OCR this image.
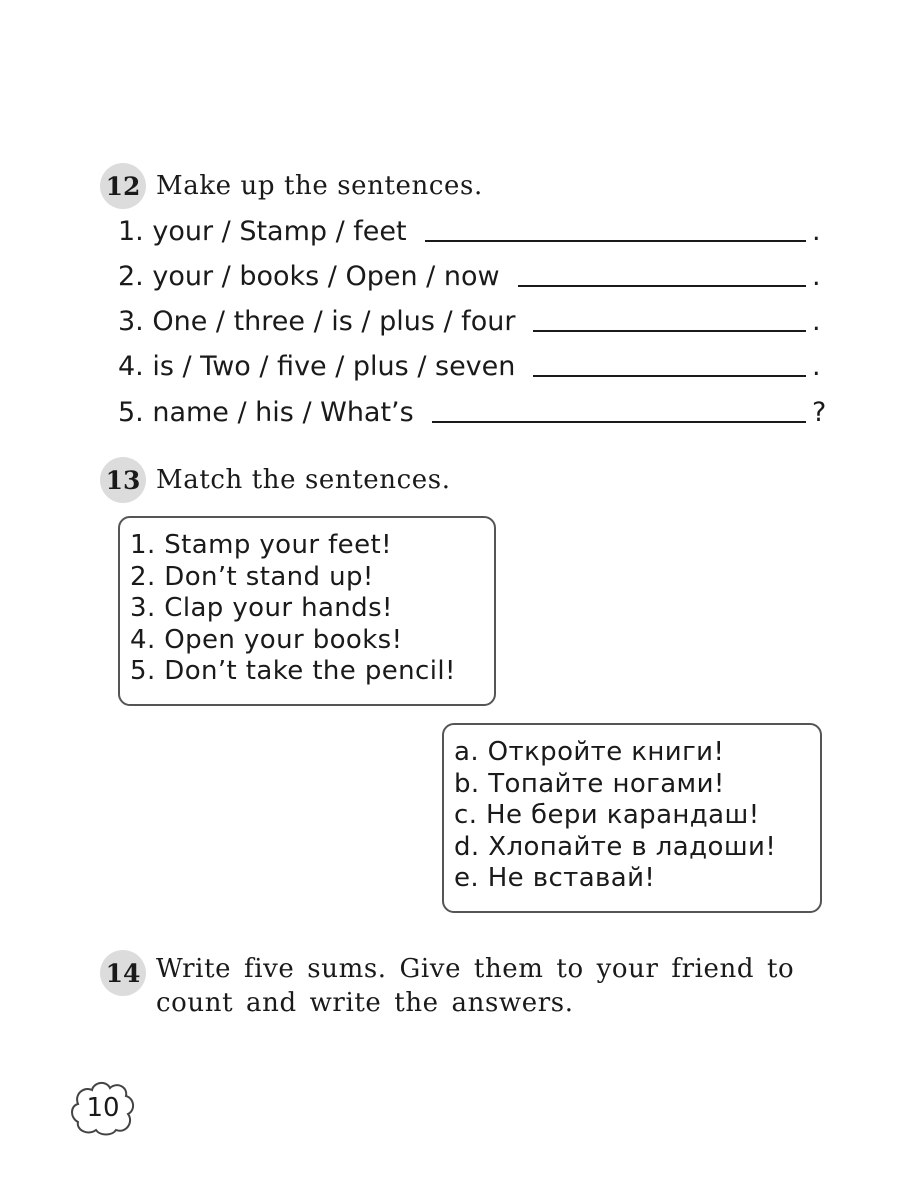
12 Make up the sentences.
1. your / Stamp / feet	.
2. your / books / Open / now	.
3. One / three / is / plus / four	.
4. is / Two / five / plus / seven	.
5. name / his / What’s	?
13 Match the sentences.
1. Stamp your feet!
2. Don’t stand up!
3. Clap your hands!
4. Open your books!
5. Don’t take the pencil!
a. Откройте книги!
b. Топайте ногами!
c. Не бери карандаш!
d. Хлопайте в ладоши!
e. Не вставай!
14 Write five sums. Give them to your friend to count and write the answers.
10
